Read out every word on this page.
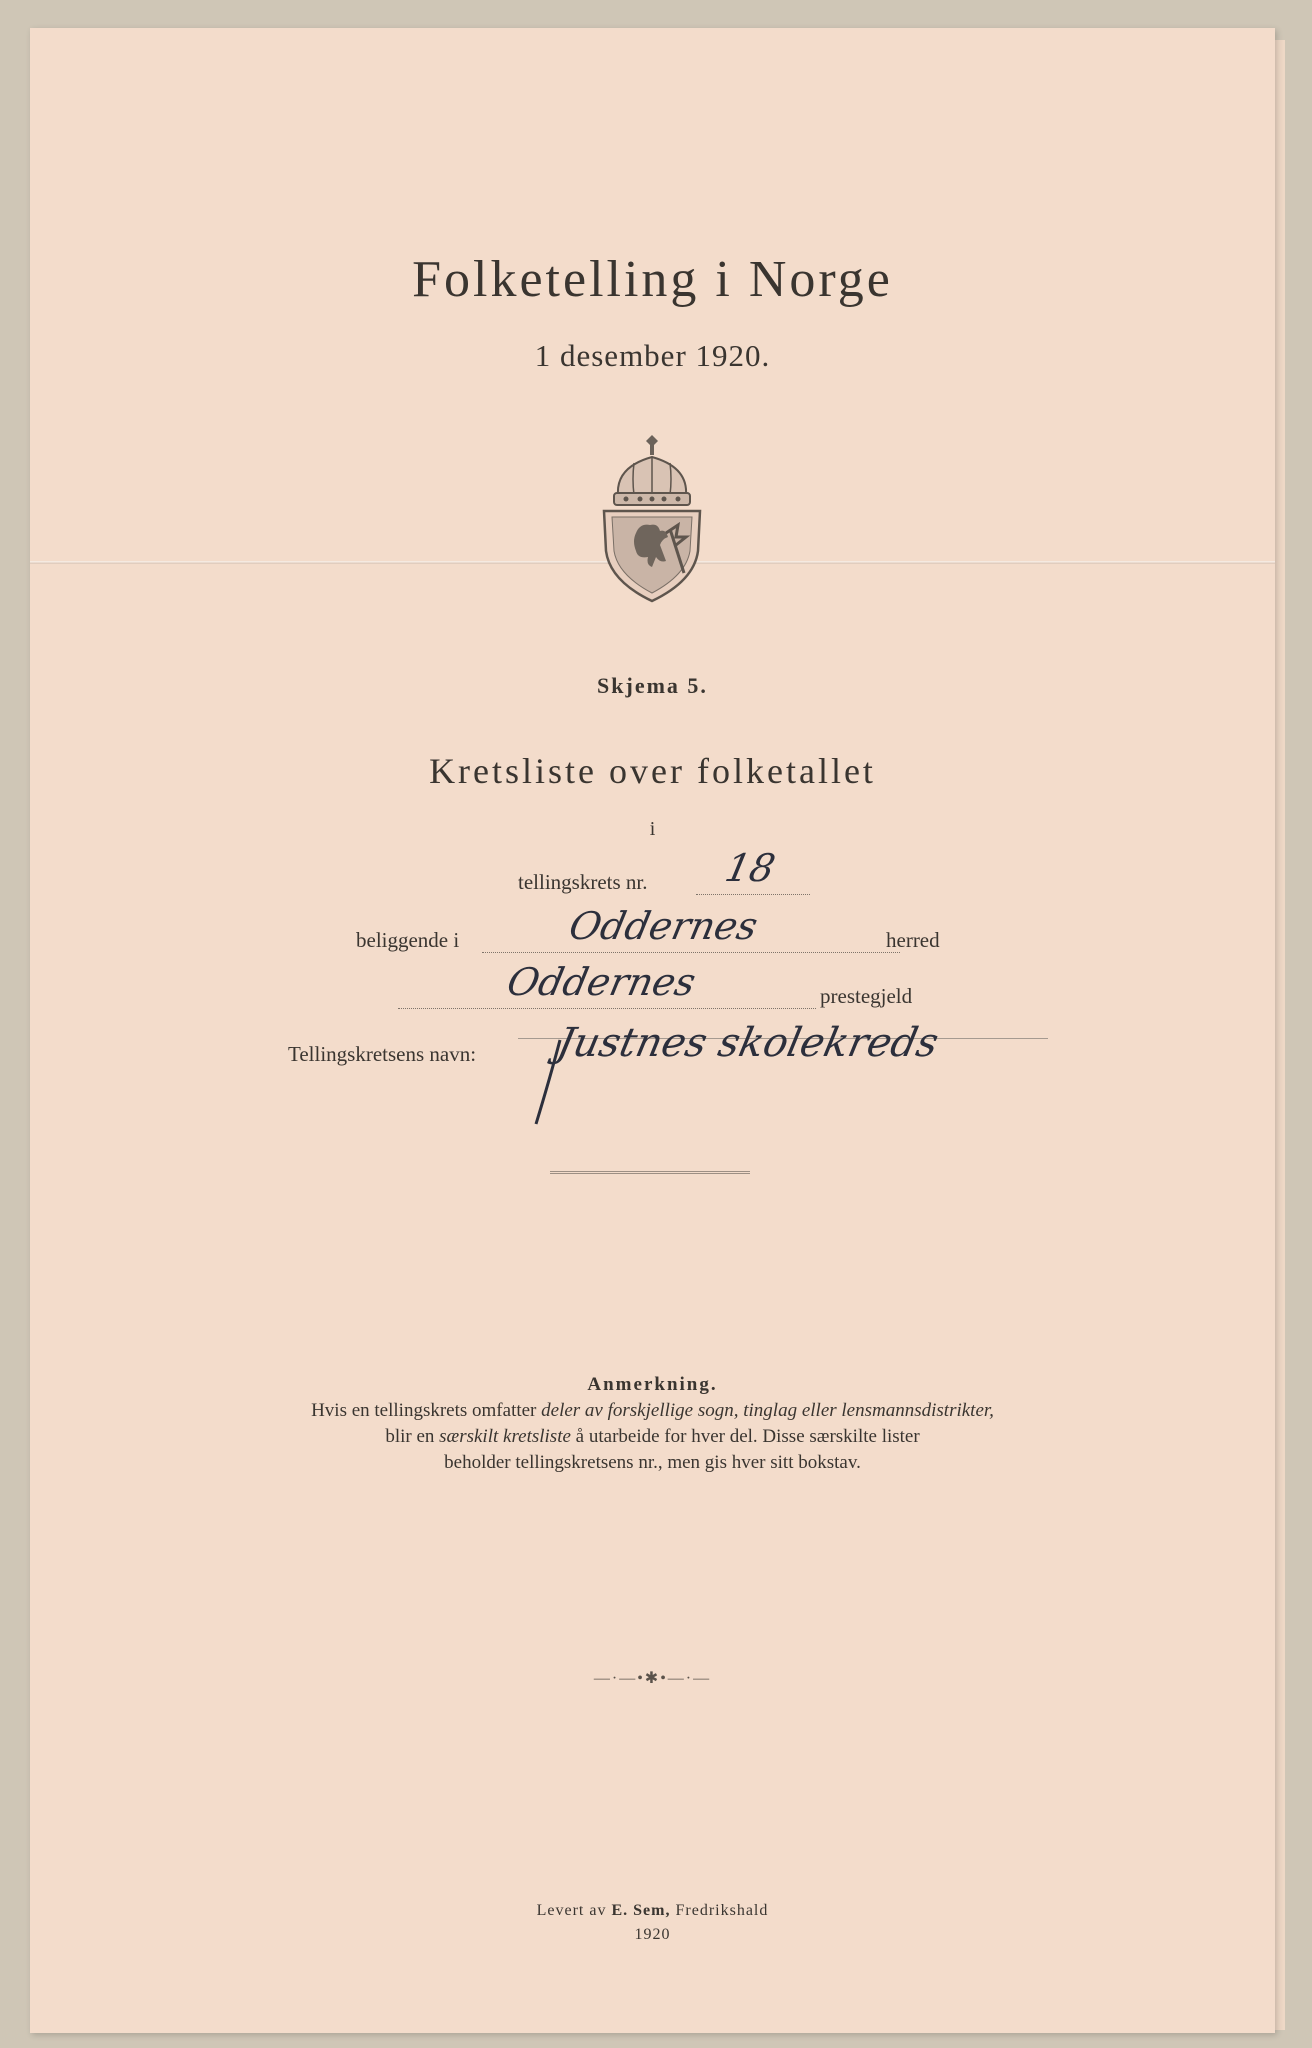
Folketelling i Norge
1 desember 1920.
Skjema 5.
Kretsliste over folketallet
i
tellingskrets nr. 18
beliggende i	Oddernes	herred
Oddernes	prestegjeld
Tellingskretsens navn: Justnes skolekreds
Anmerkning.
Hvis en tellingskrets omfatter deler av forskjellige sogn, tinglag eller lensmannsdistrikter,
blir en særskilt kretsliste å utarbeide for hver del. Disse særskilte lister
beholder tellingskretsens nr., men gis hver sitt bokstav.
—·—•✱•—·—
Levert av E. Sem, Fredrikshald
1920
